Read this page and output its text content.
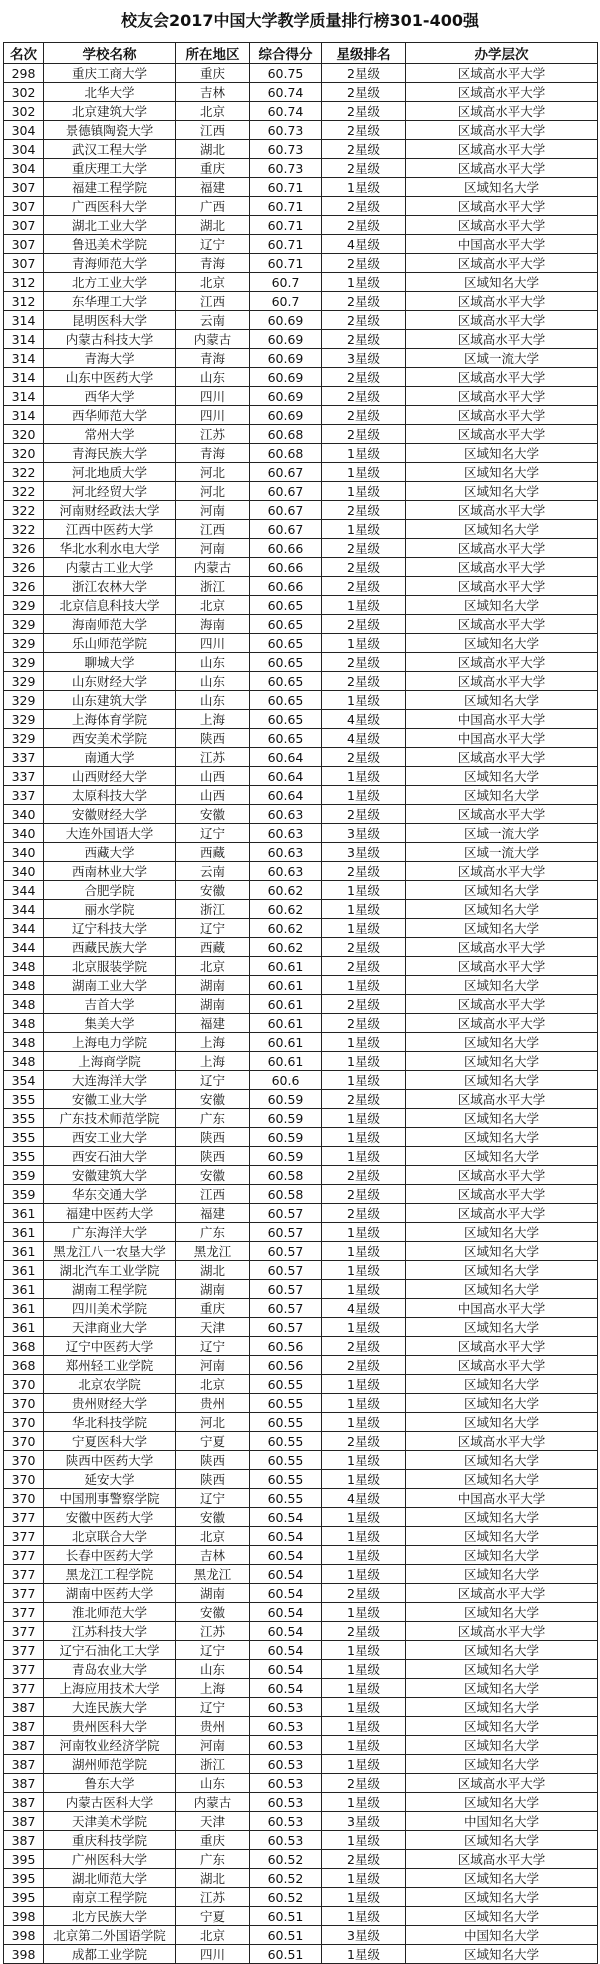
校友会2017中国大学教学质量排行榜301-400强
名次	学校名称	所在地区	综合得分	星级排名	办学层次
298	重庆工商大学	重庆	60.75	2星级	区域高水平大学
302	北华大学	吉林	60.74	2星级	区域高水平大学
302	北京建筑大学	北京	60.74	2星级	区域高水平大学
304	景德镇陶瓷大学	江西	60.73	2星级	区域高水平大学
304	武汉工程大学	湖北	60.73	2星级	区域高水平大学
304	重庆理工大学	重庆	60.73	2星级	区域高水平大学
307	福建工程学院	福建	60.71	1星级	区域知名大学
307	广西医科大学	广西	60.71	2星级	区域高水平大学
307	湖北工业大学	湖北	60.71	2星级	区域高水平大学
307	鲁迅美术学院	辽宁	60.71	4星级	中国高水平大学
307	青海师范大学	青海	60.71	2星级	区域高水平大学
312	北方工业大学	北京	60.7	1星级	区域知名大学
312	东华理工大学	江西	60.7	2星级	区域高水平大学
314	昆明医科大学	云南	60.69	2星级	区域高水平大学
314	内蒙古科技大学	内蒙古	60.69	2星级	区域高水平大学
314	青海大学	青海	60.69	3星级	区域一流大学
314	山东中医药大学	山东	60.69	2星级	区域高水平大学
314	西华大学	四川	60.69	2星级	区域高水平大学
314	西华师范大学	四川	60.69	2星级	区域高水平大学
320	常州大学	江苏	60.68	2星级	区域高水平大学
320	青海民族大学	青海	60.68	1星级	区域知名大学
322	河北地质大学	河北	60.67	1星级	区域知名大学
322	河北经贸大学	河北	60.67	1星级	区域知名大学
322	河南财经政法大学	河南	60.67	2星级	区域高水平大学
322	江西中医药大学	江西	60.67	1星级	区域知名大学
326	华北水利水电大学	河南	60.66	2星级	区域高水平大学
326	内蒙古工业大学	内蒙古	60.66	2星级	区域高水平大学
326	浙江农林大学	浙江	60.66	2星级	区域高水平大学
329	北京信息科技大学	北京	60.65	1星级	区域知名大学
329	海南师范大学	海南	60.65	2星级	区域高水平大学
329	乐山师范学院	四川	60.65	1星级	区域知名大学
329	聊城大学	山东	60.65	2星级	区域高水平大学
329	山东财经大学	山东	60.65	2星级	区域高水平大学
329	山东建筑大学	山东	60.65	1星级	区域知名大学
329	上海体育学院	上海	60.65	4星级	中国高水平大学
329	西安美术学院	陕西	60.65	4星级	中国高水平大学
337	南通大学	江苏	60.64	2星级	区域高水平大学
337	山西财经大学	山西	60.64	1星级	区域知名大学
337	太原科技大学	山西	60.64	1星级	区域知名大学
340	安徽财经大学	安徽	60.63	2星级	区域高水平大学
340	大连外国语大学	辽宁	60.63	3星级	区域一流大学
340	西藏大学	西藏	60.63	3星级	区域一流大学
340	西南林业大学	云南	60.63	2星级	区域高水平大学
344	合肥学院	安徽	60.62	1星级	区域知名大学
344	丽水学院	浙江	60.62	1星级	区域知名大学
344	辽宁科技大学	辽宁	60.62	1星级	区域知名大学
344	西藏民族大学	西藏	60.62	2星级	区域高水平大学
348	北京服装学院	北京	60.61	2星级	区域高水平大学
348	湖南工业大学	湖南	60.61	1星级	区域知名大学
348	吉首大学	湖南	60.61	2星级	区域高水平大学
348	集美大学	福建	60.61	2星级	区域高水平大学
348	上海电力学院	上海	60.61	1星级	区域知名大学
348	上海商学院	上海	60.61	1星级	区域知名大学
354	大连海洋大学	辽宁	60.6	1星级	区域知名大学
355	安徽工业大学	安徽	60.59	2星级	区域高水平大学
355	广东技术师范学院	广东	60.59	1星级	区域知名大学
355	西安工业大学	陕西	60.59	1星级	区域知名大学
355	西安石油大学	陕西	60.59	1星级	区域知名大学
359	安徽建筑大学	安徽	60.58	2星级	区域高水平大学
359	华东交通大学	江西	60.58	2星级	区域高水平大学
361	福建中医药大学	福建	60.57	2星级	区域高水平大学
361	广东海洋大学	广东	60.57	1星级	区域知名大学
361	黑龙江八一农垦大学	黑龙江	60.57	1星级	区域知名大学
361	湖北汽车工业学院	湖北	60.57	1星级	区域知名大学
361	湖南工程学院	湖南	60.57	1星级	区域知名大学
361	四川美术学院	重庆	60.57	4星级	中国高水平大学
361	天津商业大学	天津	60.57	1星级	区域知名大学
368	辽宁中医药大学	辽宁	60.56	2星级	区域高水平大学
368	郑州轻工业学院	河南	60.56	2星级	区域高水平大学
370	北京农学院	北京	60.55	1星级	区域知名大学
370	贵州财经大学	贵州	60.55	1星级	区域知名大学
370	华北科技学院	河北	60.55	1星级	区域知名大学
370	宁夏医科大学	宁夏	60.55	2星级	区域高水平大学
370	陕西中医药大学	陕西	60.55	1星级	区域知名大学
370	延安大学	陕西	60.55	1星级	区域知名大学
370	中国刑事警察学院	辽宁	60.55	4星级	中国高水平大学
377	安徽中医药大学	安徽	60.54	1星级	区域知名大学
377	北京联合大学	北京	60.54	1星级	区域知名大学
377	长春中医药大学	吉林	60.54	1星级	区域知名大学
377	黑龙江工程学院	黑龙江	60.54	1星级	区域知名大学
377	湖南中医药大学	湖南	60.54	2星级	区域高水平大学
377	淮北师范大学	安徽	60.54	1星级	区域知名大学
377	江苏科技大学	江苏	60.54	2星级	区域高水平大学
377	辽宁石油化工大学	辽宁	60.54	1星级	区域知名大学
377	青岛农业大学	山东	60.54	1星级	区域知名大学
377	上海应用技术大学	上海	60.54	1星级	区域知名大学
387	大连民族大学	辽宁	60.53	1星级	区域知名大学
387	贵州医科大学	贵州	60.53	1星级	区域知名大学
387	河南牧业经济学院	河南	60.53	1星级	区域知名大学
387	湖州师范学院	浙江	60.53	1星级	区域知名大学
387	鲁东大学	山东	60.53	2星级	区域高水平大学
387	内蒙古医科大学	内蒙古	60.53	1星级	区域知名大学
387	天津美术学院	天津	60.53	3星级	中国知名大学
387	重庆科技学院	重庆	60.53	1星级	区域知名大学
395	广州医科大学	广东	60.52	2星级	区域高水平大学
395	湖北师范大学	湖北	60.52	1星级	区域知名大学
395	南京工程学院	江苏	60.52	1星级	区域知名大学
398	北方民族大学	宁夏	60.51	1星级	区域知名大学
398	北京第二外国语学院	北京	60.51	3星级	中国知名大学
398	成都工业学院	四川	60.51	1星级	区域知名大学
